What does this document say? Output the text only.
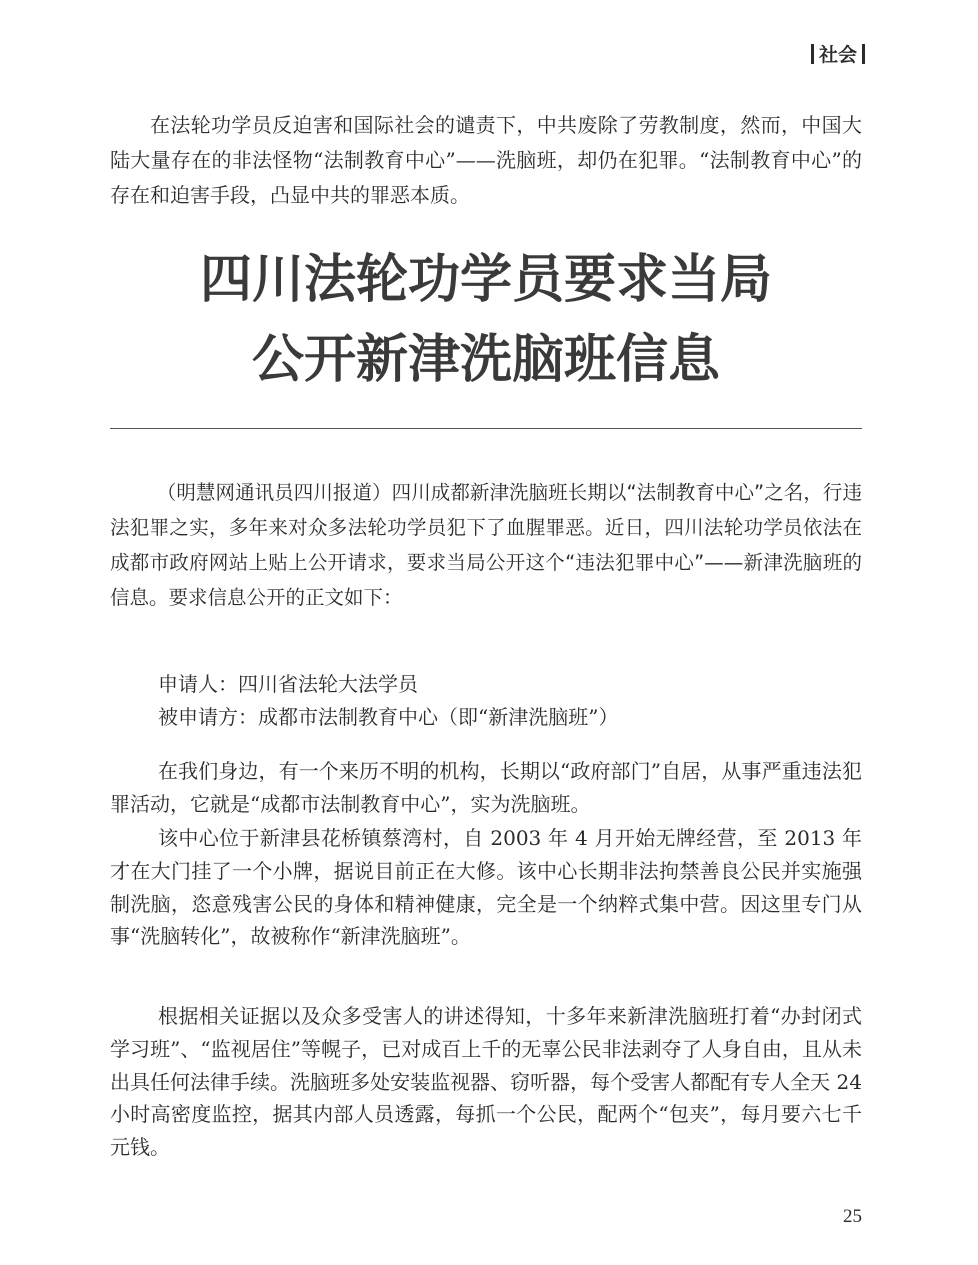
社会

在法轮功学员反迫害和国际社会的谴责下，中共废除了劳教制度，然而，中国大陆大量存在的非法怪物“法制教育中心”——洗脑班，却仍在犯罪。“法制教育中心”的存在和迫害手段，凸显中共的罪恶本质。

四川法轮功学员要求当局
公开新津洗脑班信息

（明慧网通讯员四川报道）四川成都新津洗脑班长期以“法制教育中心”之名，行违法犯罪之实，多年来对众多法轮功学员犯下了血腥罪恶。近日，四川法轮功学员依法在成都市政府网站上贴上公开请求，要求当局公开这个“违法犯罪中心”——新津洗脑班的信息。要求信息公开的正文如下：

申请人：四川省法轮大法学员

被申请方：成都市法制教育中心（即“新津洗脑班”）

在我们身边，有一个来历不明的机构，长期以“政府部门”自居，从事严重违法犯罪活动，它就是“成都市法制教育中心”，实为洗脑班。

该中心位于新津县花桥镇蔡湾村，自 2003 年 4 月开始无牌经营，至 2013 年才在大门挂了一个小牌，据说目前正在大修。该中心长期非法拘禁善良公民并实施强制洗脑，恣意残害公民的身体和精神健康，完全是一个纳粹式集中营。因这里专门从事“洗脑转化”，故被称作“新津洗脑班”。

根据相关证据以及众多受害人的讲述得知，十多年来新津洗脑班打着“办封闭式学习班”、“监视居住”等幌子，已对成百上千的无辜公民非法剥夺了人身自由，且从未出具任何法律手续。洗脑班多处安装监视器、窃听器，每个受害人都配有专人全天 24 小时高密度监控，据其内部人员透露，每抓一个公民，配两个“包夹”，每月要六七千元钱。

25
